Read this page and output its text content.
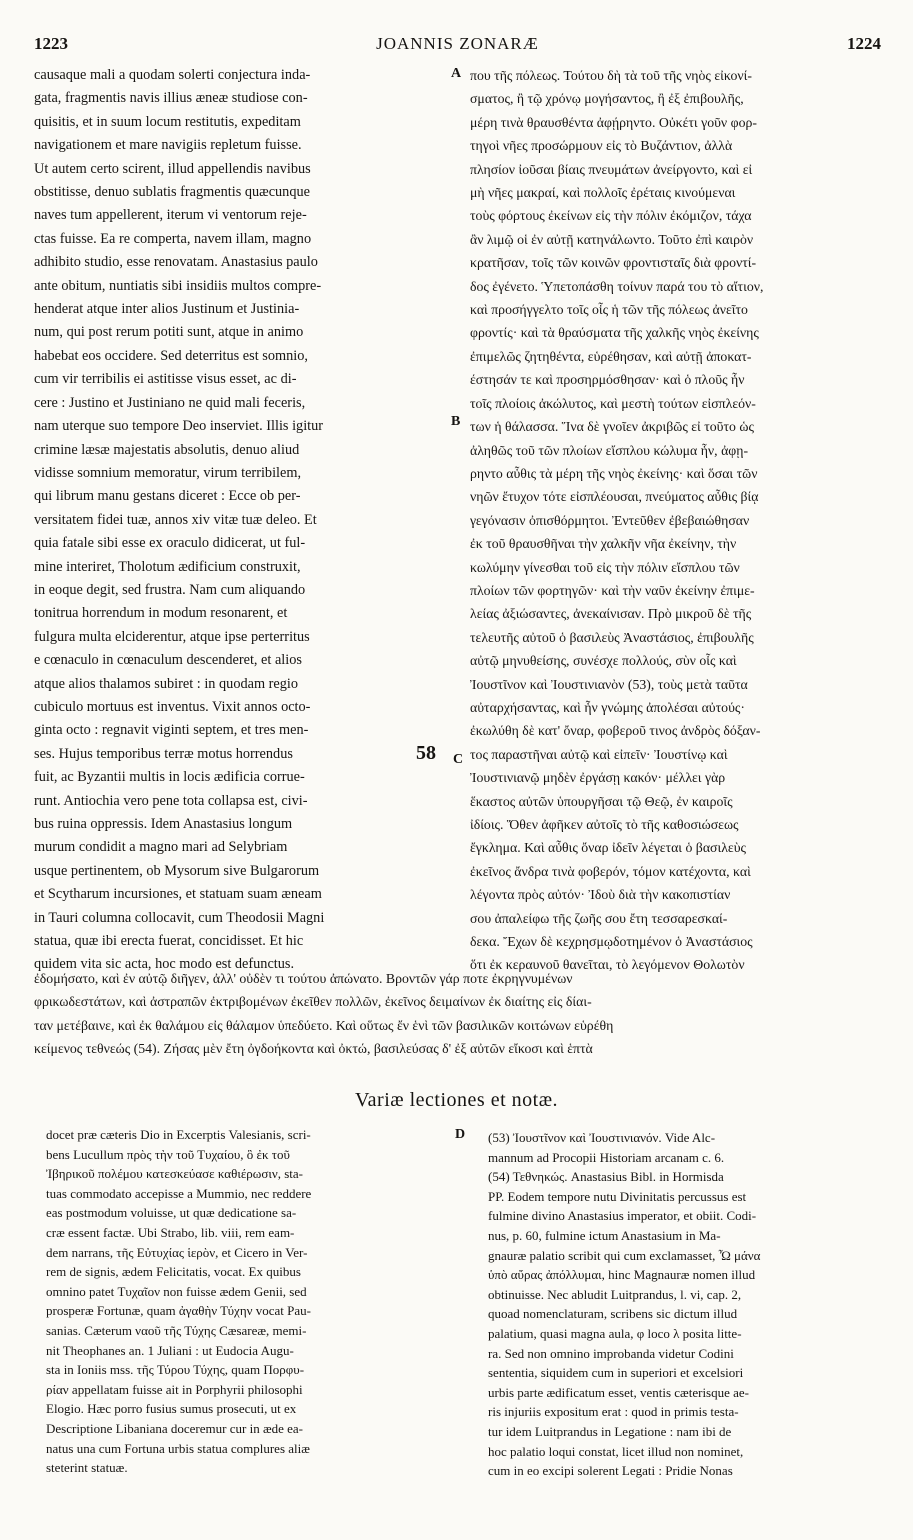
1223	JOANNIS ZONARÆ	1224
causaque mali a quodam solerti conjectura inda-
gata, fragmentis navis illius æneæ studiose con-
quisitis, et in suum locum restitutis, expeditam
navigationem et mare navigiis repletum fuisse.
Ut autem certo scirent, illud appellendis navibus
obstitisse, denuo sublatis fragmentis quæcunque
naves tum appellerent, iterum vi ventorum reje-
ctas fuisse. Ea re comperta, navem illam, magno
adhibito studio, esse renovatam. Anastasius paulo
ante obitum, nuntiatis sibi insidiis multos compre-
henderat atque inter alios Justinum et Justinia-
num, qui post rerum potiti sunt, atque in animo
habebat eos occidere. Sed deterritus est somnio,
cum vir terribilis ei astitisse visus esset, ac di-
cere : Justino et Justiniano ne quid mali feceris,
nam uterque suo tempore Deo inserviet. Illis igitur
crimine læsæ majestatis absolutis, denuo aliud
vidisse somnium memoratur, virum terribilem,
qui librum manu gestans diceret : Ecce ob per-
versitatem fidei tuæ, annos xiv vitæ tuæ deleo. Et
quia fatale sibi esse ex oraculo didicerat, ut ful-
mine interiret, Tholotum ædificium construxit,
in eoque degit, sed frustra. Nam cum aliquando
tonitrua horrendum in modum resonarent, et
fulgura multa elciderentur, atque ipse perterritus
e cœnaculo in cœnaculum descenderet, et alios
atque alios thalamos subiret : in quodam regio
cubiculo mortuus est inventus. Vixit annos octo-
ginta octo : regnavit viginti septem, et tres men-
ses. Hujus temporibus terræ motus horrendus
fuit, ac Byzantii multis in locis ædificia corrue-
runt. Antiochia vero pene tota collapsa est, civi-
bus ruina oppressis. Idem Anastasius longum
murum condidit a magno mari ad Selybriam
usque pertinentem, ob Mysorum sive Bulgarorum
et Scytharum incursiones, et statuam suam æneam
in Tauri columna collocavit, cum Theodosii Magni
statua, quæ ibi erecta fuerat, concidisset. Et hic
quidem vita sic acta, hoc modo est defunctus.
που τῆς πόλεως. Τούτου δὴ τὰ τοῦ τῆς νηὸς εἰκονί-
σματος, ἢ τῷ χρόνῳ μογήσαντος, ἢ ἐξ ἐπιβουλῆς,
μέρη τινὰ θραυσθέντα ἀφῄρηντο. Οὐκέτι γοῦν φορ-
τηγοὶ νῆες προσώρμουν εἰς τὸ Βυζάντιον, ἀλλὰ
πλησίον ἰοῦσαι βίαις πνευμάτων ἀνείργοντο, καὶ εἰ
μὴ νῆες μακραί, καὶ πολλοῖς ἐρέταις κινούμεναι
τοὺς φόρτους ἐκείνων εἰς τὴν πόλιν ἐκόμιζον, τάχα
ἂν λιμῷ οἱ ἐν αὐτῇ κατηνάλωντο. Τοῦτο ἐπὶ καιρὸν
κρατῆσαν, τοῖς τῶν κοινῶν φροντισταῖς διὰ φροντί-
δος ἐγένετο. Ὑπετοπάσθη τοίνυν παρά του τὸ αἴτιον,
καὶ προσήγγελτο τοῖς οἷς ἡ τῶν τῆς πόλεως ἀνεῖτο
φροντίς· καὶ τὰ θραύσματα τῆς χαλκῆς νηὸς ἐκείνης
ἐπιμελῶς ζητηθέντα, εὑρέθησαν, καὶ αὐτῇ ἀποκατ-
έστησάν τε καὶ προσηρμόσθησαν· καὶ ὁ πλοῦς ἦν
τοῖς πλοίοις ἀκώλυτος, καὶ μεστὴ τούτων εἰσπλεόν-
των ἡ θάλασσα. Ἵνα δὲ γνοῖεν ἀκριβῶς εἰ τοῦτο ὡς
ἀληθῶς τοῦ τῶν πλοίων εἴσπλου κώλυμα ἦν, ἀφῃ-
ρηντο αὖθις τὰ μέρη τῆς νηὸς ἐκείνης· καὶ ὅσαι τῶν
νηῶν ἔτυχον τότε εἰσπλέουσαι, πνεύματος αὖθις βίᾳ
γεγόνασιν ὀπισθόρμητοι. Ἐντεῦθεν ἐβεβαιώθησαν
ἐκ τοῦ θραυσθῆναι τὴν χαλκῆν νῆα ἐκείνην, τὴν
κωλύμην γίνεσθαι τοῦ εἰς τὴν πόλιν εἴσπλου τῶν
πλοίων τῶν φορτηγῶν· καὶ τὴν ναῦν ἐκείνην ἐπιμε-
λείας ἀξιώσαντες, ἀνεκαίνισαν. Πρὸ μικροῦ δὲ τῆς
τελευτῆς αὐτοῦ ὁ βασιλεὺς Ἀναστάσιος, ἐπιβουλῆς
αὐτῷ μηνυθείσης, συνέσχε πολλούς, σὺν οἷς καὶ
Ἰουστῖνον καὶ Ἰουστινιανὸν (53), τοὺς μετὰ ταῦτα
αὐταρχήσαντας, καὶ ἦν γνώμης ἀπολέσαι αὐτούς·
ἐκωλύθη δὲ κατ' ὄναρ, φοβεροῦ τινος ἀνδρὸς δόξαν-
τος παραστῆναι αὐτῷ καὶ εἰπεῖν· Ἰουστίνῳ καὶ
Ἰουστινιανῷ μηδὲν ἐργάσῃ κακόν· μέλλει γὰρ
ἕκαστος αὐτῶν ὑπουργῆσαι τῷ Θεῷ, ἐν καιροῖς
ἰδίοις. Ὅθεν ἀφῆκεν αὐτοῖς τὸ τῆς καθοσιώσεως
ἔγκλημα. Καὶ αὖθις ὄναρ ἰδεῖν λέγεται ὁ βασιλεὺς
ἐκεῖνος ἄνδρα τινὰ φοβερόν, τόμον κατέχοντα, καὶ
λέγοντα πρὸς αὐτόν· Ἰδοὺ διὰ τὴν κακοπιστίαν
σου ἀπαλείφω τῆς ζωῆς σου ἔτη τεσσαρεσκαί-
δεκα. Ἔχων δὲ κεχρησμῳδοτημένον ὁ Ἀναστάσιος
ὅτι ἐκ κεραυνοῦ θανεῖται, τὸ λεγόμενον Θολωτὸν
A
B
C
58
ἐδομήσατο, καὶ ἐν αὐτῷ διῆγεν, ἀλλ' οὐδὲν τι τούτου ἀπώνατο. Βροντῶν γάρ ποτε ἐκρηγνυμένων
φρικωδεστάτων, καὶ ἀστραπῶν ἐκτριβομένων ἐκεῖθεν πολλῶν, ἐκεῖνος δειμαίνων ἐκ διαίτης εἰς δίαι-
ταν μετέβαινε, καὶ ἐκ θαλάμου εἰς θάλαμον ὑπεδύετο. Καὶ οὕτως ἔν ἑνὶ τῶν βασιλικῶν κοιτώνων εὑρέθη
κείμενος τεθνεώς (54). Ζήσας μὲν ἔτη ὀγδοήκοντα καὶ ὀκτώ, βασιλεύσας δ' ἐξ αὐτῶν εἴκοσι καὶ ἑπτὰ
Variæ lectiones et notæ.
D
docet præ cæteris Dio in Excerptis Valesianis, scri-
bens Lucullum πρὸς τὴν τοῦ Τυχαίου, ὃ ἐκ τοῦ
Ἰβηρικοῦ πολέμου κατεσκεύασε καθιέρωσιν, sta-
tuas commodato accepisse a Mummio, nec reddere
eas postmodum voluisse, ut quæ dedicatione sa-
cræ essent factæ. Ubi Strabo, lib. viii, rem eam-
dem narrans, τῆς Εὐτυχίας ἱερὸν, et Cicero in Ver-
rem de signis, ædem Felicitatis, vocat. Ex quibus
omnino patet Τυχαῖον non fuisse ædem Genii, sed
prosperæ Fortunæ, quam ἀγαθὴν Τύχην vocat Pau-
sanias. Cæterum ναοῦ τῆς Τύχης Cæsareæ, memi-
nit Theophanes an. 1 Juliani : ut Eudocia Augu-
sta in Ioniis mss. τῆς Τύρου Τύχης, quam Πορφυ-
ρίαν appellatam fuisse ait in Porphyrii philosophi
Elogio. Hæc porro fusius sumus prosecuti, ut ex
Descriptione Libaniana doceremur cur in æde ea-
natus una cum Fortuna urbis statua complures aliæ
steterint statuæ.
(53) Ἰουστῖνον καὶ Ἰουστινιανόν. Vide Alc-
mannum ad Procopii Historiam arcanam c. 6.
(54) Τεθνηκώς. Anastasius Bibl. in Hormisda
PP. Eodem tempore nutu Divinitatis percussus est
fulmine divino Anastasius imperator, et obiit. Codi-
nus, p. 60, fulmine ictum Anastasium in Ma-
gnauræ palatio scribit qui cum exclamasset, Ὦ μάνα
ὑπὸ αὔρας ἀπόλλυμαι, hinc Magnauræ nomen illud
obtinuisse. Nec abludit Luitprandus, l. vi, cap. 2,
quoad nomenclaturam, scribens sic dictum illud
palatium, quasi magna aula, φ loco λ posita litte-
ra. Sed non omnino improbanda videtur Codini
sententia, siquidem cum in superiori et excelsiori
urbis parte ædificatum esset, ventis cæterisque ae-
ris injuriis expositum erat : quod in primis testa-
tur idem Luitprandus in Legatione : nam ibi de
hoc palatio loqui constat, licet illud non nominet,
cum in eo excipi solerent Legati : Pridie Nonas
